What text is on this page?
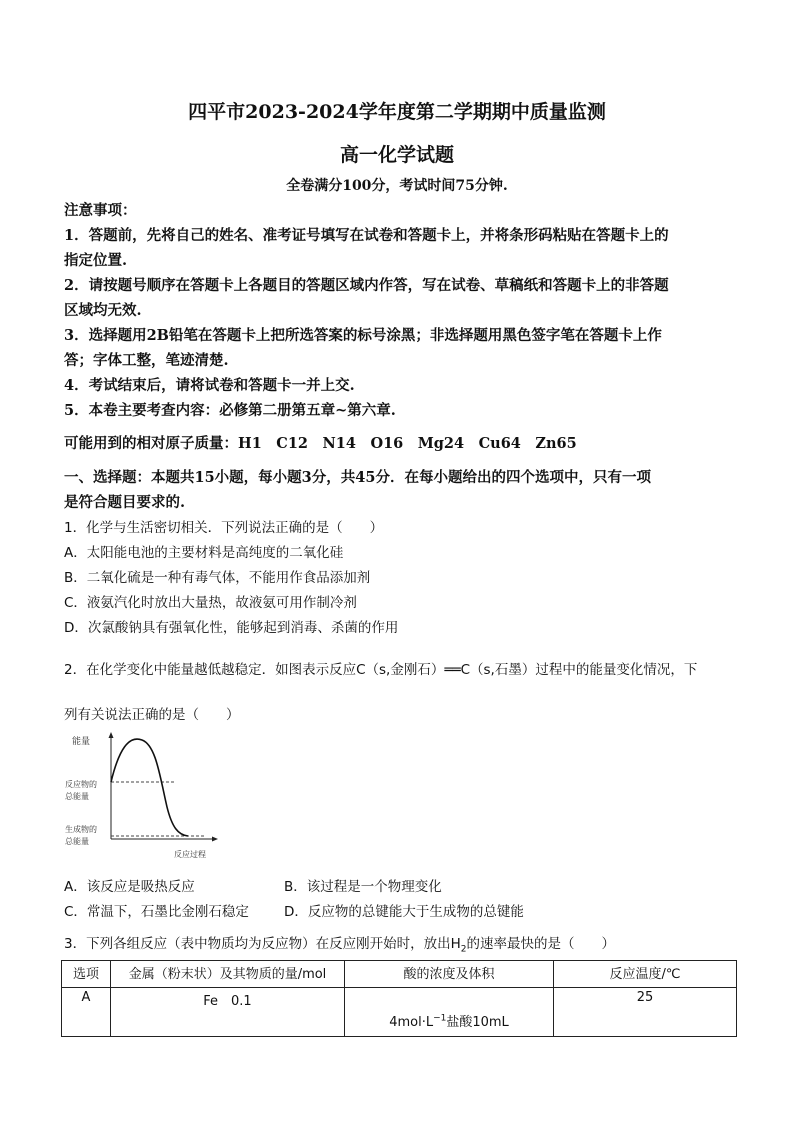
四平市2023-2024学年度第二学期期中质量监测
高一化学试题
全卷满分100分，考试时间75分钟.
注意事项：
1．答题前，先将自己的姓名、准考证号填写在试卷和答题卡上，并将条形码粘贴在答题卡上的
指定位置.
2．请按题号顺序在答题卡上各题目的答题区域内作答，写在试卷、草稿纸和答题卡上的非答题
区域均无效.
3．选择题用2B铅笔在答题卡上把所选答案的标号涂黑；非选择题用黑色签字笔在答题卡上作
答；字体工整，笔迹清楚.
4．考试结束后，请将试卷和答题卡一并上交.
5．本卷主要考查内容：必修第二册第五章~第六章.
可能用到的相对原子质量：H1　C12　N14　O16　Mg24　Cu64　Zn65
一、选择题：本题共15小题，每小题3分，共45分．在每小题给出的四个选项中，只有一项
是符合题目要求的.
1．化学与生活密切相关．下列说法正确的是（　　）
A．太阳能电池的主要材料是高纯度的二氧化硅
B．二氧化硫是一种有毒气体，不能用作食品添加剂
C．液氨汽化时放出大量热，故液氨可用作制冷剂
D．次氯酸钠具有强氧化性，能够起到消毒、杀菌的作用
2．在化学变化中能量越低越稳定．如图表示反应C（s,金刚石）══C（s,石墨）过程中的能量变化情况，下
列有关说法正确的是（　　）
能量
反应物的
总能量
生成物的
总能量
反应过程
A．该反应是吸热反应	B．该过程是一个物理变化
C．常温下，石墨比金刚石稳定	D．反应物的总键能大于生成物的总键能
3．下列各组反应（表中物质均为反应物）在反应刚开始时，放出$H_2$的速率最快的是（　　）
选项	金属（粉末状）及其物质的量/mol	酸的浓度及体积	反应温度/℃
A	Fe　0.1	$4mol\cdot L^{-1}$盐酸10mL	25
